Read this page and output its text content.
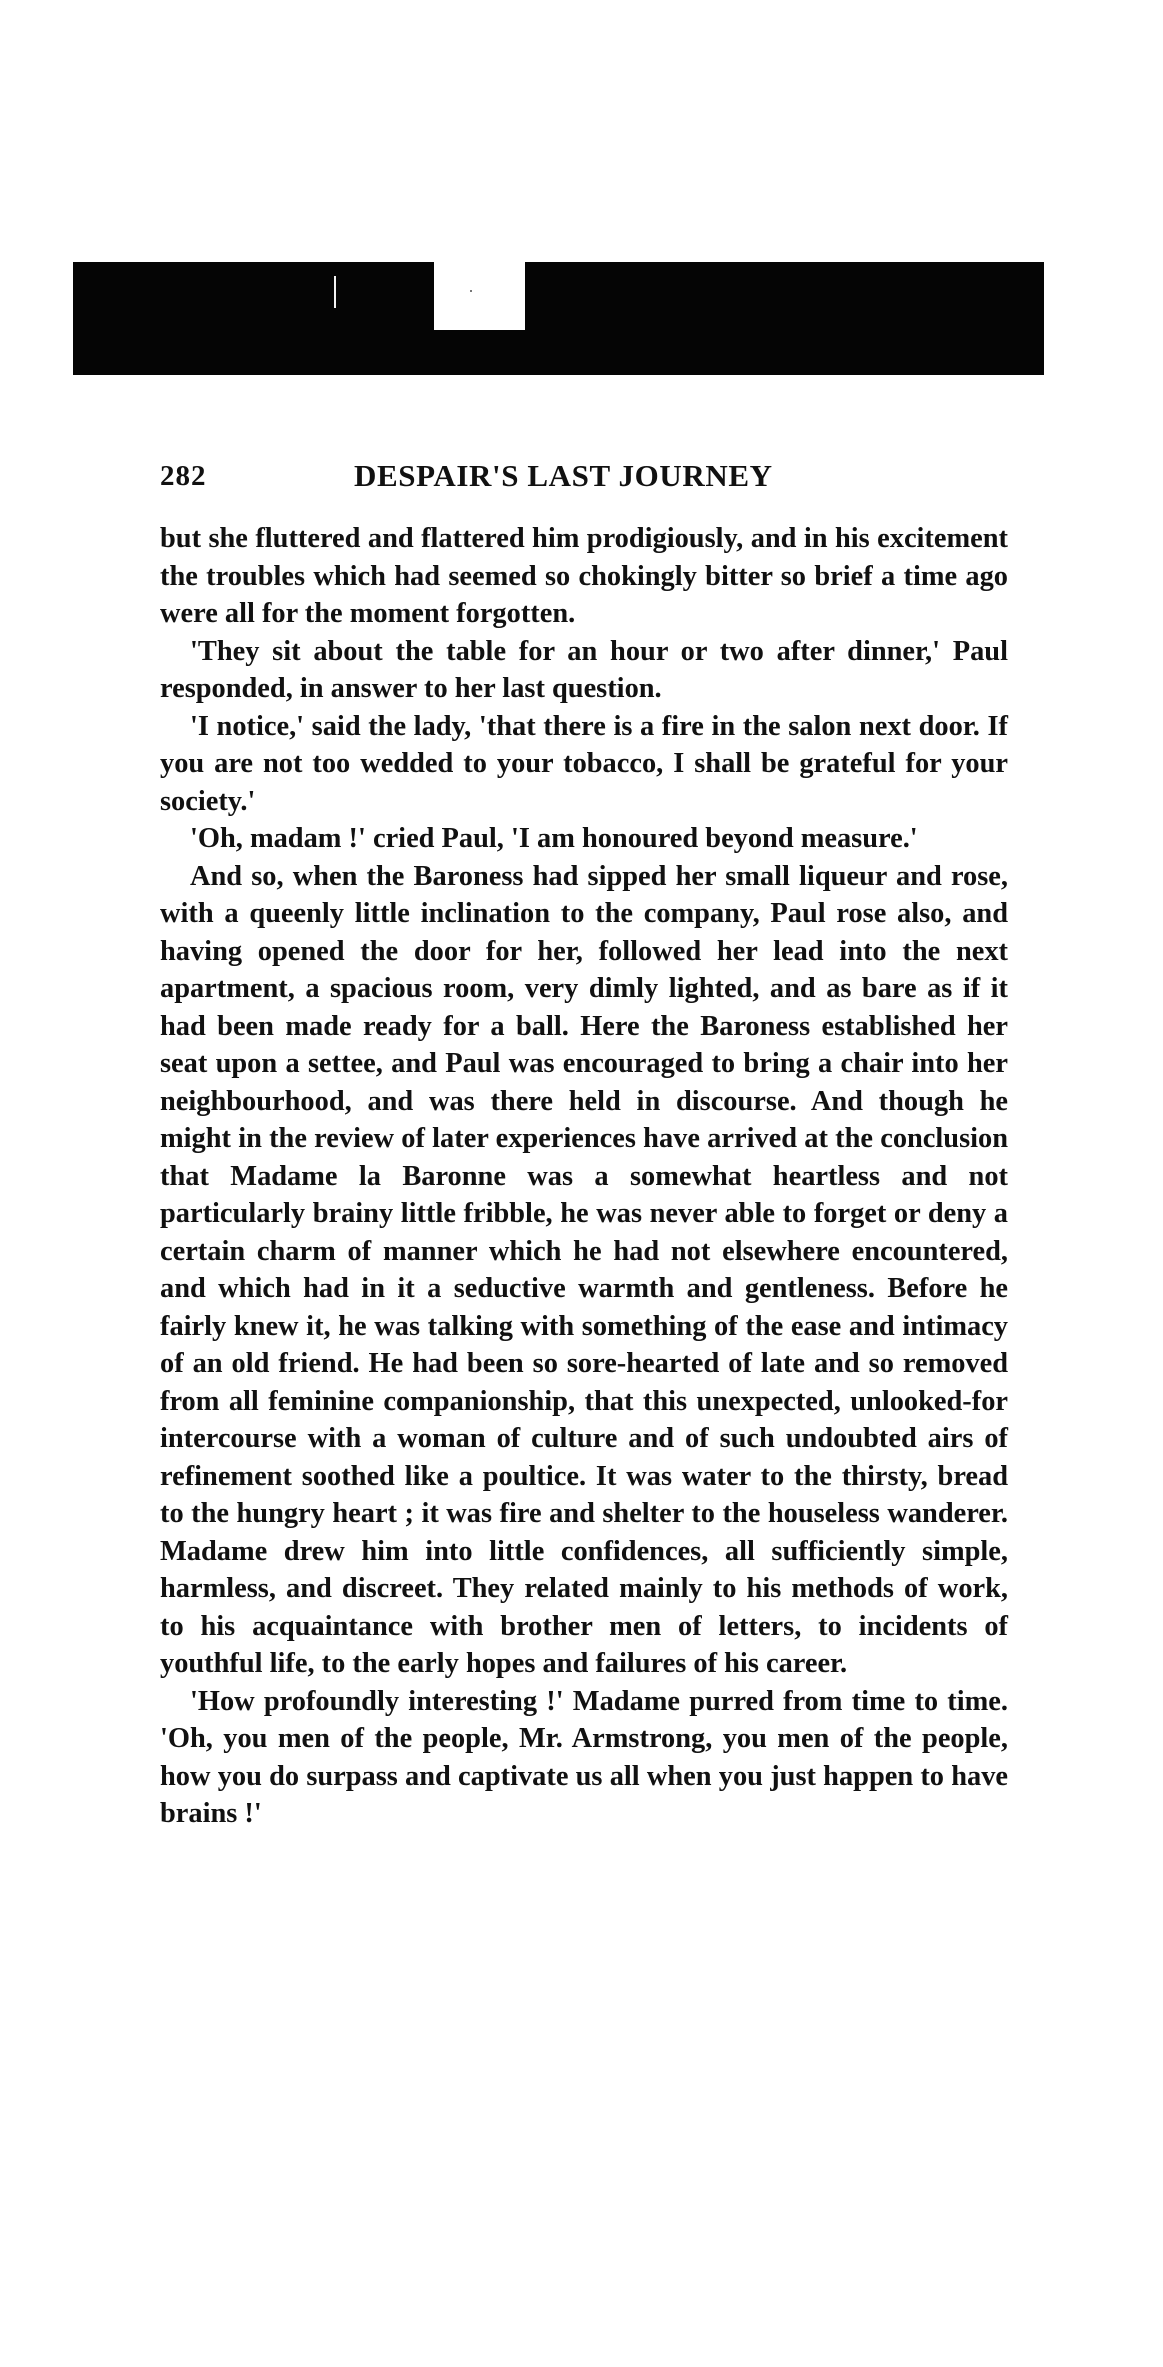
282	DESPAIR'S LAST JOURNEY

but she fluttered and flattered him prodigiously, and in his excitement the troubles which had seemed so chokingly bitter so brief a time ago were all for the moment forgotten.

'They sit about the table for an hour or two after dinner,' Paul responded, in answer to her last question.

'I notice,' said the lady, 'that there is a fire in the salon next door. If you are not too wedded to your tobacco, I shall be grateful for your society.'

'Oh, madam !' cried Paul, 'I am honoured beyond measure.'

And so, when the Baroness had sipped her small liqueur and rose, with a queenly little inclination to the company, Paul rose also, and having opened the door for her, followed her lead into the next apartment, a spacious room, very dimly lighted, and as bare as if it had been made ready for a ball. Here the Baroness established her seat upon a settee, and Paul was encouraged to bring a chair into her neighbourhood, and was there held in discourse. And though he might in the review of later experiences have arrived at the conclusion that Madame la Baronne was a somewhat heartless and not particularly brainy little fribble, he was never able to forget or deny a certain charm of manner which he had not elsewhere encountered, and which had in it a seductive warmth and gentleness. Before he fairly knew it, he was talking with something of the ease and intimacy of an old friend. He had been so sore-hearted of late and so removed from all feminine companionship, that this unexpected, unlooked-for intercourse with a woman of culture and of such undoubted airs of refinement soothed like a poultice. It was water to the thirsty, bread to the hungry heart ; it was fire and shelter to the houseless wanderer. Madame drew him into little confidences, all sufficiently simple, harmless, and discreet. They related mainly to his methods of work, to his acquaintance with brother men of letters, to incidents of youthful life, to the early hopes and failures of his career.

'How profoundly interesting !' Madame purred from time to time. 'Oh, you men of the people, Mr. Armstrong, you men of the people, how you do surpass and captivate us all when you just happen to have brains !'
